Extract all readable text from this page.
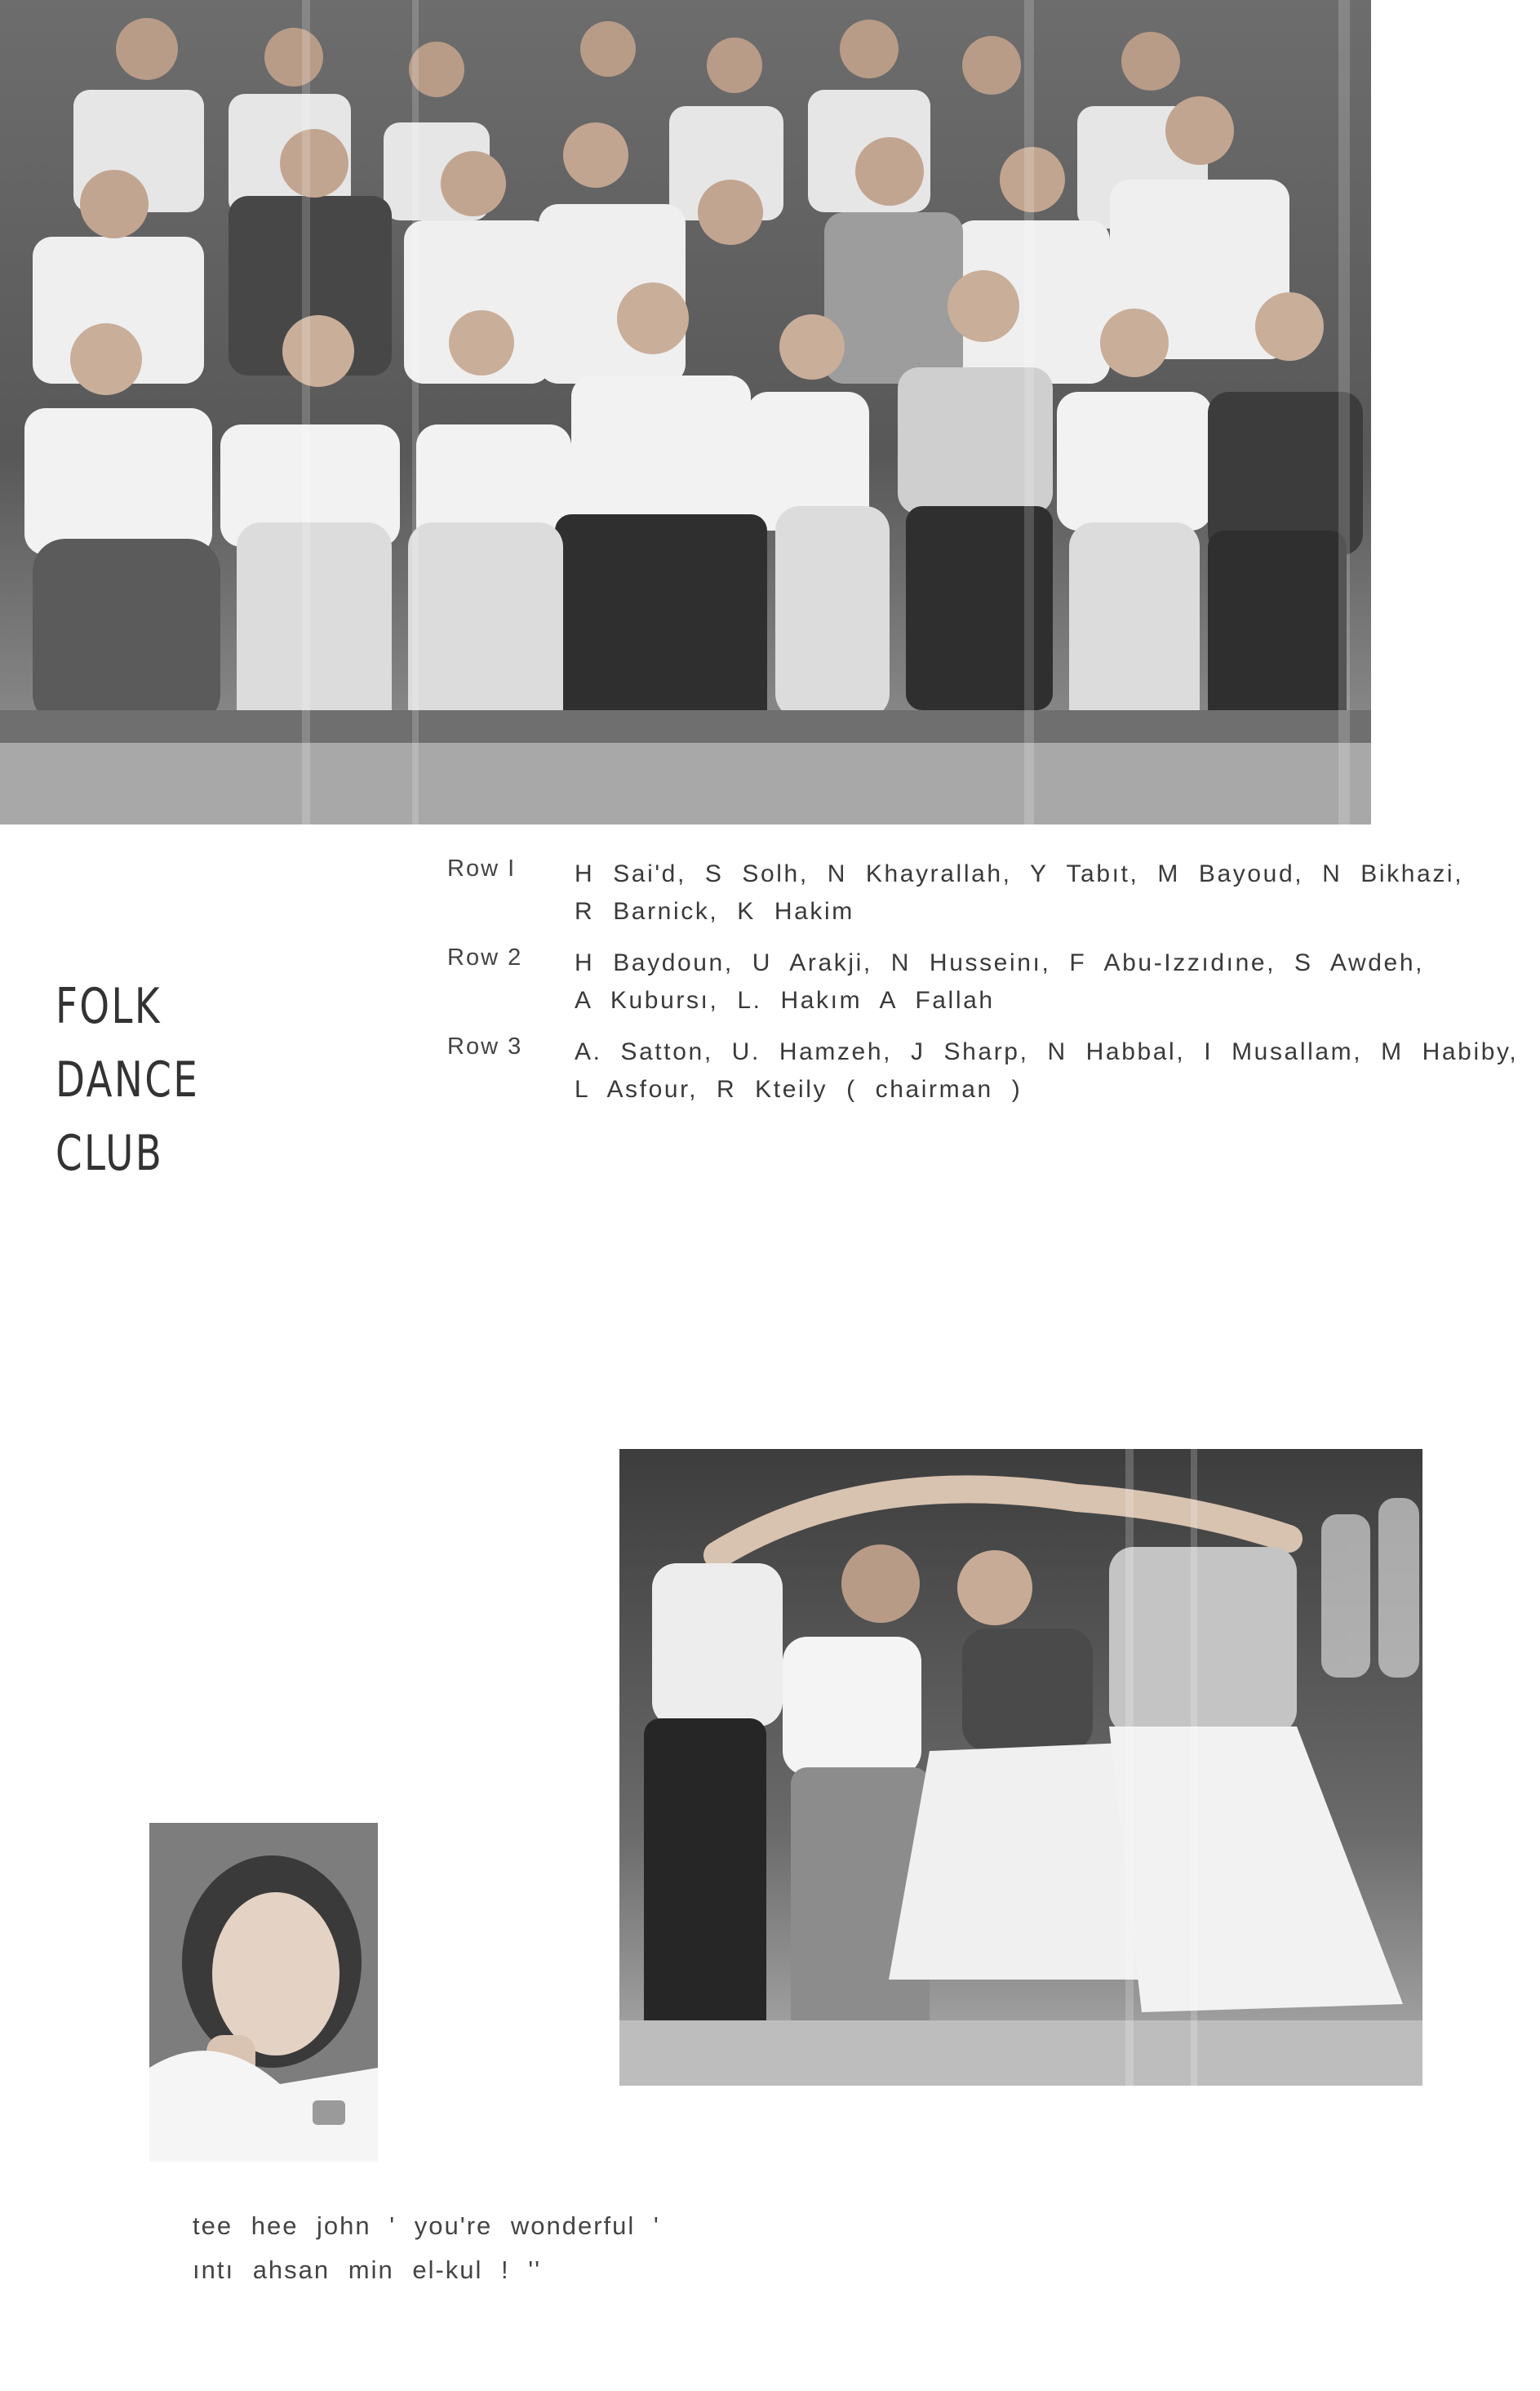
FOLK DANCE
CLUB
Row I	H Sai'd, S Solh, N Khayrallah, Y Tabıt, M Bayoud, N Bikhazi,
R Barnick, K Hakim
Row 2	H Baydoun, U Arakji, N Husseinı, F Abu-Izzıdıne, S Awdeh,
A Kubursı, L. Hakım A Fallah
Row 3	A. Satton, U. Hamzeh, J Sharp, N Habbal, I Musallam, M Habiby,
L Asfour, R Kteily ( chairman )
tee hee john ' you're wonderful '
ıntı ahsan min el-kul ! ''
